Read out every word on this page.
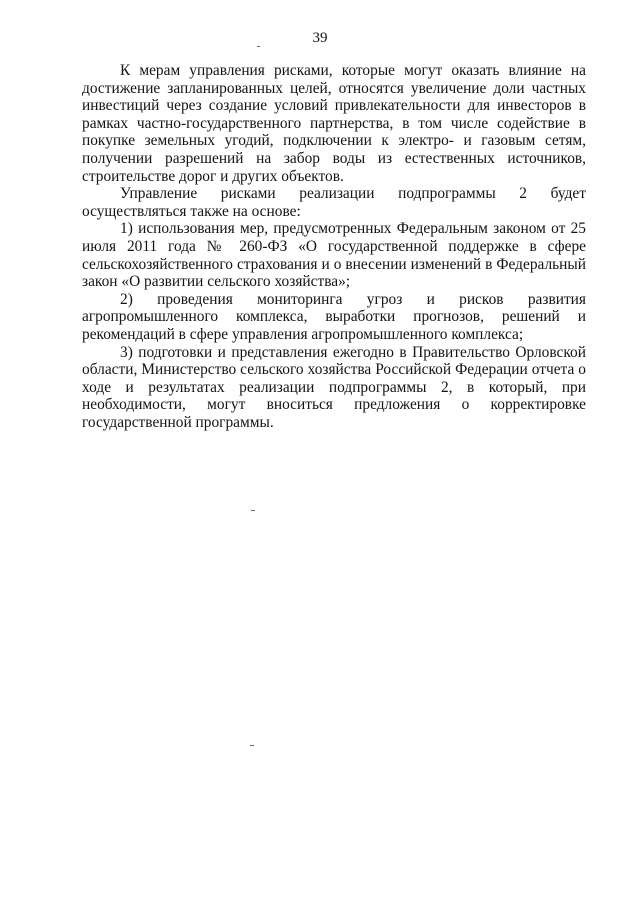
39

К мерам управления рисками, которые могут оказать влияние на достижение запланированных целей, относятся увеличение доли частных инвестиций через создание условий привлекательности для инвесторов в рамках частно-государственного партнерства, в том числе содействие в покупке земельных угодий, подключении к электро- и газовым сетям, получении разрешений на забор воды из естественных источников, строительстве дорог и других объектов.

Управление рисками реализации подпрограммы 2 будет осуществляться также на основе:

1) использования мер, предусмотренных Федеральным законом от 25 июля 2011 года № 260-ФЗ «О государственной поддержке в сфере сельскохозяйственного страхования и о внесении изменений в Федеральный закон «О развитии сельского хозяйства»;

2) проведения мониторинга угроз и рисков развития агропромышленного комплекса, выработки прогнозов, решений и рекомендаций в сфере управления агропромышленного комплекса;

3) подготовки и представления ежегодно в Правительство Орловской области, Министерство сельского хозяйства Российской Федерации отчета о ходе и результатах реализации подпрограммы 2, в который, при необходимости, могут вноситься предложения о корректировке государственной программы.
